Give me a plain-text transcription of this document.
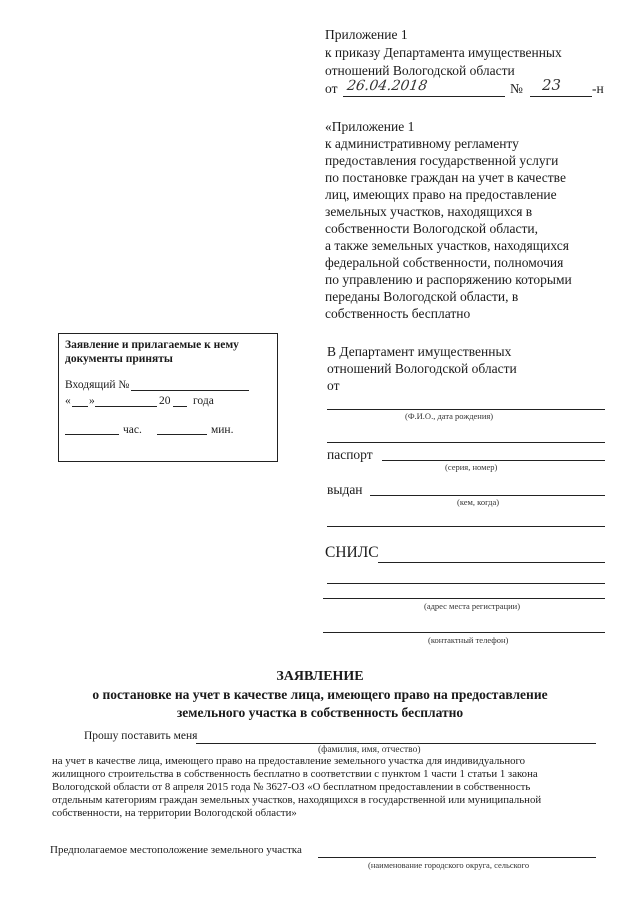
Приложение 1
к приказу Департамента имущественных
отношений Вологодской области
от 26.04.2018	№ 23 -н
«Приложение 1
к административному регламенту
предоставления государственной услуги
по постановке граждан на учет в качестве
лиц, имеющих право на предоставление
земельных участков, находящихся в
собственности Вологодской области,
а также земельных участков, находящихся
федеральной собственности, полномочия
по управлению и распоряжению которыми
переданы Вологодской области, в
собственность бесплатно
Заявление и прилагаемые к нему
документы приняты
Входящий №
« »	20 года
час.	мин.
В Департамент имущественных
отношений Вологодской области
от
(Ф.И.О., дата рождения)
паспорт
(серия, номер)
выдан
(кем, когда)
СНИЛС
(адрес места регистрации)
(контактный телефон)
ЗАЯВЛЕНИЕ
о постановке на учет в качестве лица, имеющего право на предоставление
земельного участка в собственность бесплатно
Прошу поставить меня
(фамилия, имя, отчество)
на учет в качестве лица, имеющего право на предоставление земельного участка для индивидуального
жилищного строительства в собственность бесплатно в соответствии с пунктом 1 части 1 статьи 1 закона
Вологодской области от 8 апреля 2015 года № 3627-ОЗ «О бесплатном предоставлении в собственность
отдельным категориям граждан земельных участков, находящихся в государственной или муниципальной
собственности, на территории Вологодской области»
Предполагаемое местоположение земельного участка
(наименование городского округа, сельского
